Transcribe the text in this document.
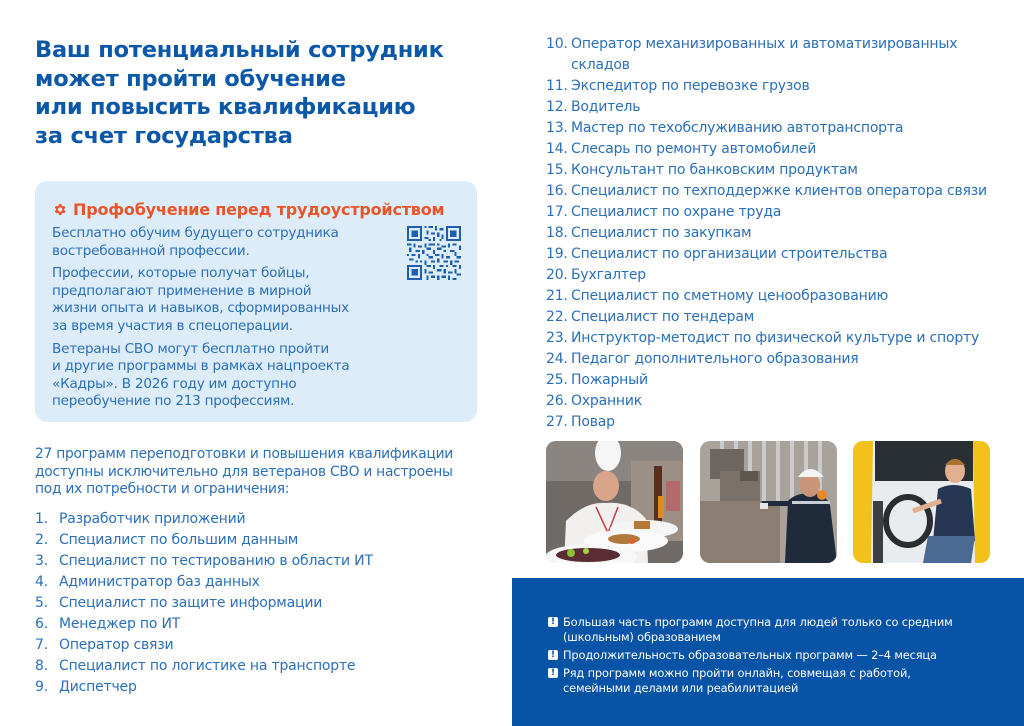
Ваш потенциальный сотрудник
может пройти обучение
или повысить квалификацию
за счет государства
Профобучение перед трудоустройством

Бесплатно обучим будущего сотрудника
востребованной профессии.

Профессии, которые получат бойцы,
предполагают применение в мирной
жизни опыта и навыков, сформированных
за время участия в спецоперации.

Ветераны СВО могут бесплатно пройти
и другие программы в рамках нацпроекта
«Кадры». В 2026 году им доступно
переобучение по 213 профессиям.

27 программ переподготовки и повышения квалификации
доступны исключительно для ветеранов СВО и настроены
под их потребности и ограничения:
1. Разработчик приложений
2. Специалист по большим данным
3. Специалист по тестированию в области ИТ
4. Администратор баз данных
5. Специалист по защите информации
6. Менеджер по ИТ
7. Оператор связи
8. Специалист по логистике на транспорте
9. Диспетчер
10. Оператор механизированных и автоматизированных
складов
11. Экспедитор по перевозке грузов
12. Водитель
13. Мастер по техобслуживанию автотранспорта
14. Слесарь по ремонту автомобилей
15. Консультант по банковским продуктам
16. Специалист по техподдержке клиентов оператора связи
17. Специалист по охране труда
18. Специалист по закупкам
19. Специалист по организации строительства
20. Бухгалтер
21. Специалист по сметному ценообразованию
22. Специалист по тендерам
23. Инструктор-методист по физической культуре и спорту
24. Педагог дополнительного образования
25. Пожарный
26. Охранник
27. Повар
! Большая часть программ доступна для людей только со средним
(школьным) образованием
! Продолжительность образовательных программ — 2–4 месяца
! Ряд программ можно пройти онлайн, совмещая с работой,
семейными делами или реабилитацией
